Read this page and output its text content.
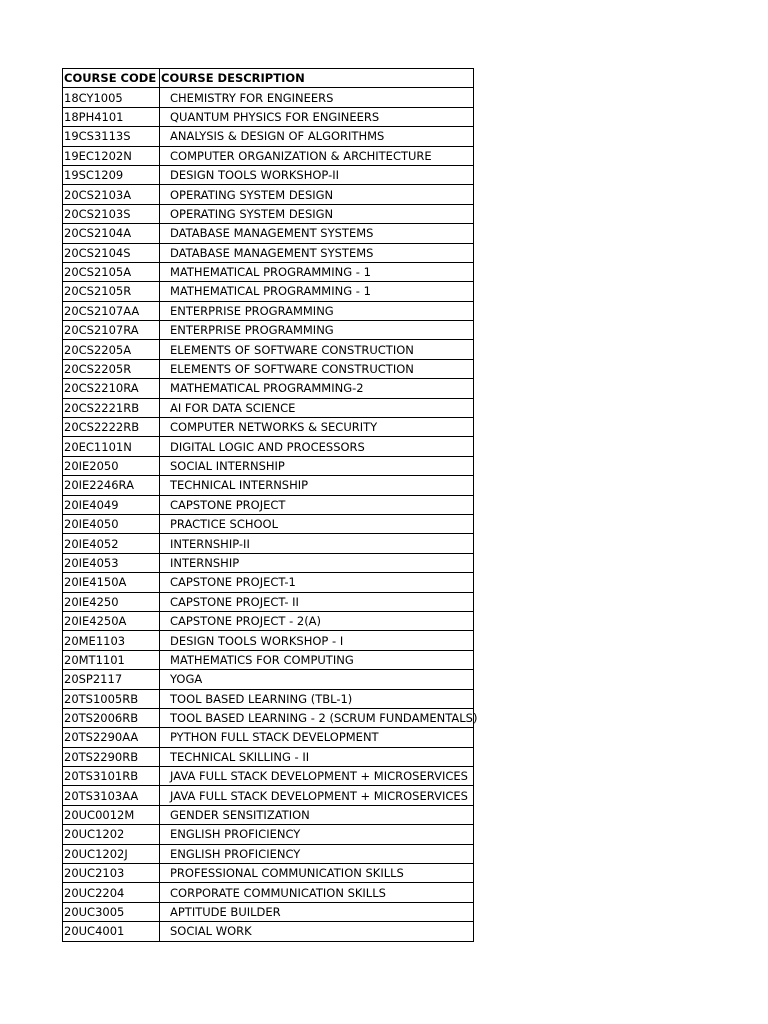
COURSE CODE	COURSE DESCRIPTION
18CY1005	CHEMISTRY FOR ENGINEERS
18PH4101	QUANTUM PHYSICS FOR ENGINEERS
19CS3113S	ANALYSIS & DESIGN OF ALGORITHMS
19EC1202N	COMPUTER ORGANIZATION & ARCHITECTURE
19SC1209	DESIGN TOOLS WORKSHOP-II
20CS2103A	OPERATING SYSTEM DESIGN
20CS2103S	OPERATING SYSTEM DESIGN
20CS2104A	DATABASE MANAGEMENT SYSTEMS
20CS2104S	DATABASE MANAGEMENT SYSTEMS
20CS2105A	MATHEMATICAL PROGRAMMING - 1
20CS2105R	MATHEMATICAL PROGRAMMING - 1
20CS2107AA	ENTERPRISE PROGRAMMING
20CS2107RA	ENTERPRISE PROGRAMMING
20CS2205A	ELEMENTS OF SOFTWARE CONSTRUCTION
20CS2205R	ELEMENTS OF SOFTWARE CONSTRUCTION
20CS2210RA	MATHEMATICAL PROGRAMMING-2
20CS2221RB	AI FOR DATA SCIENCE
20CS2222RB	COMPUTER NETWORKS & SECURITY
20EC1101N	DIGITAL LOGIC AND PROCESSORS
20IE2050	SOCIAL INTERNSHIP
20IE2246RA	TECHNICAL INTERNSHIP
20IE4049	CAPSTONE PROJECT
20IE4050	PRACTICE SCHOOL
20IE4052	INTERNSHIP-II
20IE4053	INTERNSHIP
20IE4150A	CAPSTONE PROJECT-1
20IE4250	CAPSTONE PROJECT- II
20IE4250A	CAPSTONE PROJECT - 2(A)
20ME1103	DESIGN TOOLS WORKSHOP - I
20MT1101	MATHEMATICS FOR COMPUTING
20SP2117	YOGA
20TS1005RB	TOOL BASED LEARNING (TBL-1)
20TS2006RB	TOOL BASED LEARNING - 2 (SCRUM FUNDAMENTALS)
20TS2290AA	PYTHON FULL STACK DEVELOPMENT
20TS2290RB	TECHNICAL SKILLING - II
20TS3101RB	JAVA FULL STACK DEVELOPMENT + MICROSERVICES
20TS3103AA	JAVA FULL STACK DEVELOPMENT + MICROSERVICES
20UC0012M	GENDER SENSITIZATION
20UC1202	ENGLISH PROFICIENCY
20UC1202J	ENGLISH PROFICIENCY
20UC2103	PROFESSIONAL COMMUNICATION SKILLS
20UC2204	CORPORATE COMMUNICATION SKILLS
20UC3005	APTITUDE BUILDER
20UC4001	SOCIAL WORK
